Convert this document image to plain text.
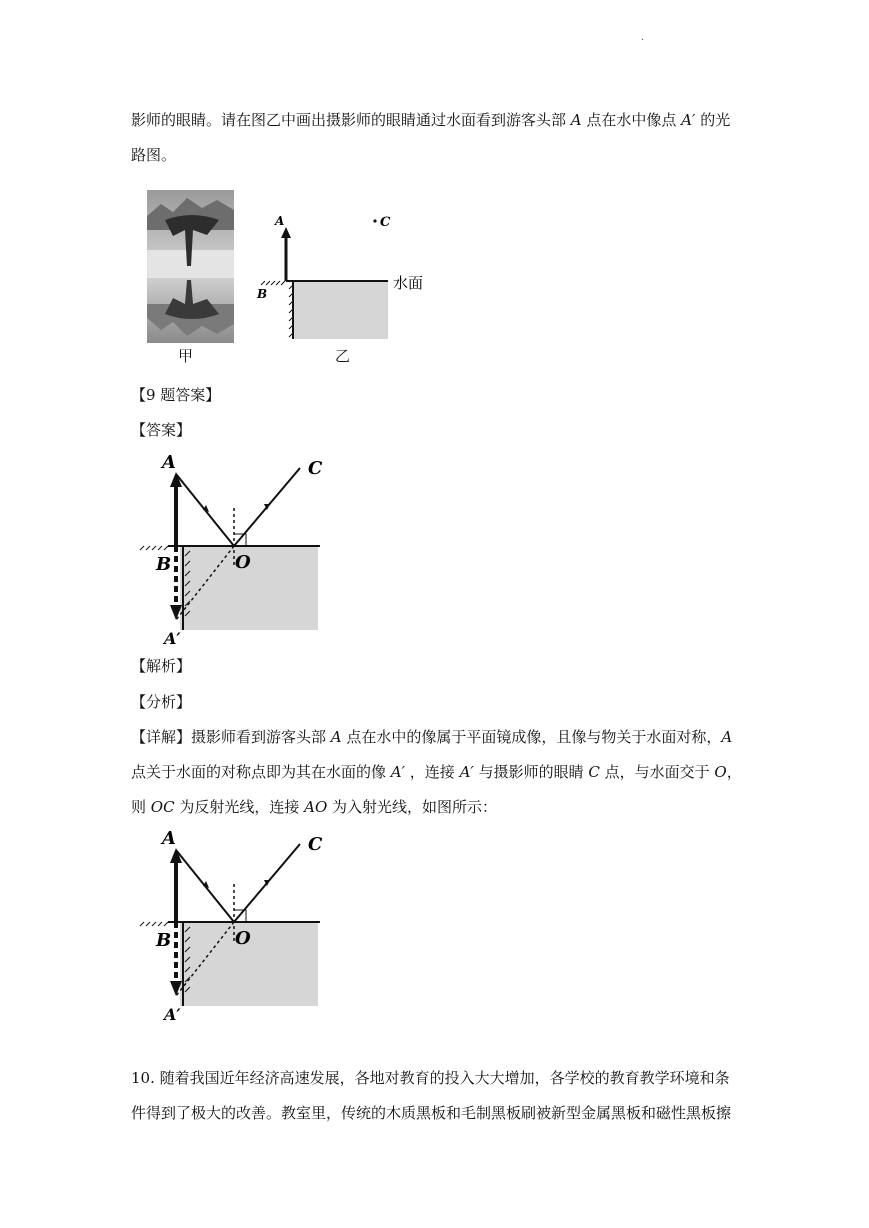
.
影师的眼睛。请在图乙中画出摄影师的眼睛通过水面看到游客头部 A 点在水中像点 A′ 的光
路图。
甲
A
B
C
水面
乙
【9 题答案】
【答案】
A	C
B	O
A′
【解析】
【分析】
【详解】摄影师看到游客头部 A 点在水中的像属于平面镜成像，且像与物关于水面对称，A
点关于水面的对称点即为其在水面的像 A′ ，连接 A′ 与摄影师的眼睛 C 点，与水面交于 O，
则 OC 为反射光线，连接 AO 为入射光线，如图所示：
A	C
B	O
A′
10. 随着我国近年经济高速发展，各地对教育的投入大大增加，各学校的教育教学环境和条
件得到了极大的改善。教室里，传统的木质黑板和毛制黑板刷被新型金属黑板和磁性黑板擦
